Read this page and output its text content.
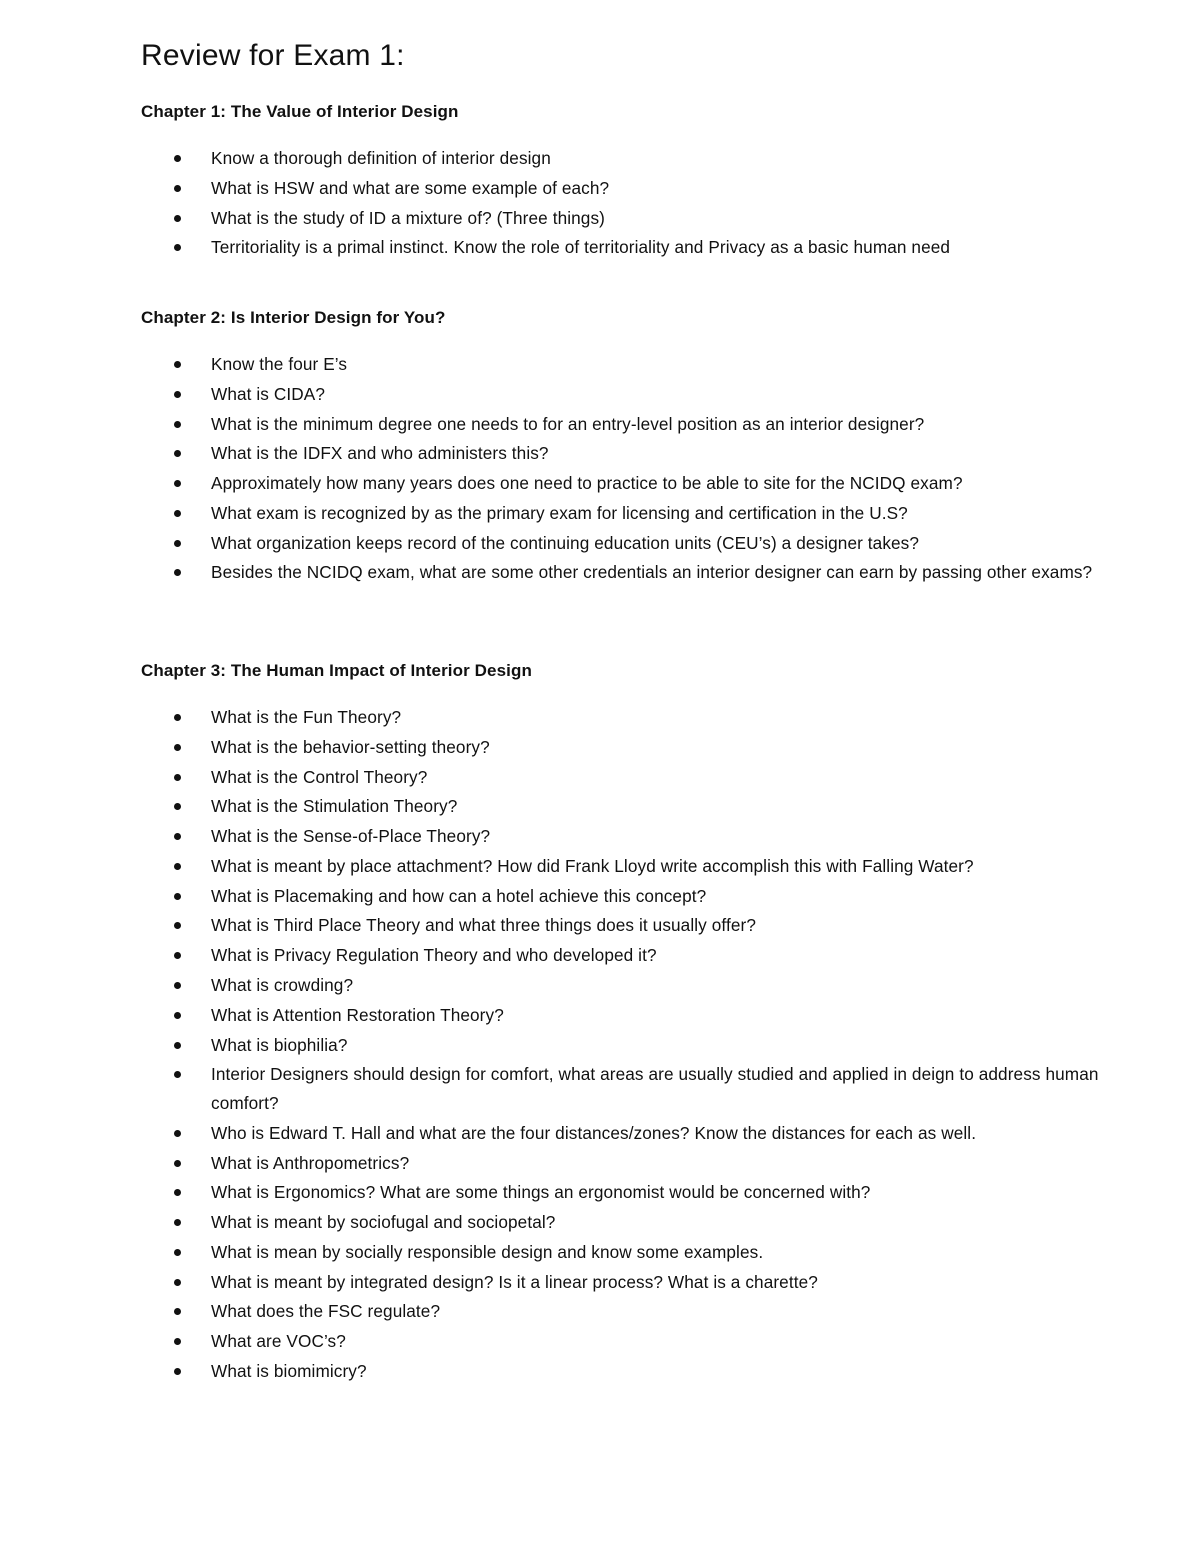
Review for Exam 1:
Chapter 1: The Value of Interior Design
Know a thorough definition of interior design
What is HSW and what are some example of each?
What is the study of ID a mixture of? (Three things)
Territoriality is a primal instinct. Know the role of territoriality and Privacy as a basic human need
Chapter 2: Is Interior Design for You?
Know the four E’s
What is CIDA?
What is the minimum degree one needs to for an entry-level position as an interior designer?
What is the IDFX and who administers this?
Approximately how many years does one need to practice to be able to site for the NCIDQ exam?
What exam is recognized by as the primary exam for licensing and certification in the U.S?
What organization keeps record of the continuing education units (CEU’s) a designer takes?
Besides the NCIDQ exam, what are some other credentials an interior designer can earn by passing other exams?
Chapter 3: The Human Impact of Interior Design
What is the Fun Theory?
What is the behavior-setting theory?
What is the Control Theory?
What is the Stimulation Theory?
What is the Sense-of-Place Theory?
What is meant by place attachment? How did Frank Lloyd write accomplish this with Falling Water?
What is Placemaking and how can a hotel achieve this concept?
What is Third Place Theory and what three things does it usually offer?
What is Privacy Regulation Theory and who developed it?
What is crowding?
What is Attention Restoration Theory?
What is biophilia?
Interior Designers should design for comfort, what areas are usually studied and applied in deign to address human comfort?
Who is Edward T. Hall and what are the four distances/zones? Know the distances for each as well.
What is Anthropometrics?
What is Ergonomics? What are some things an ergonomist would be concerned with?
What is meant by sociofugal and sociopetal?
What is mean by socially responsible design and know some examples.
What is meant by integrated design? Is it a linear process? What is a charette?
What does the FSC regulate?
What are VOC’s?
What is biomimicry?
